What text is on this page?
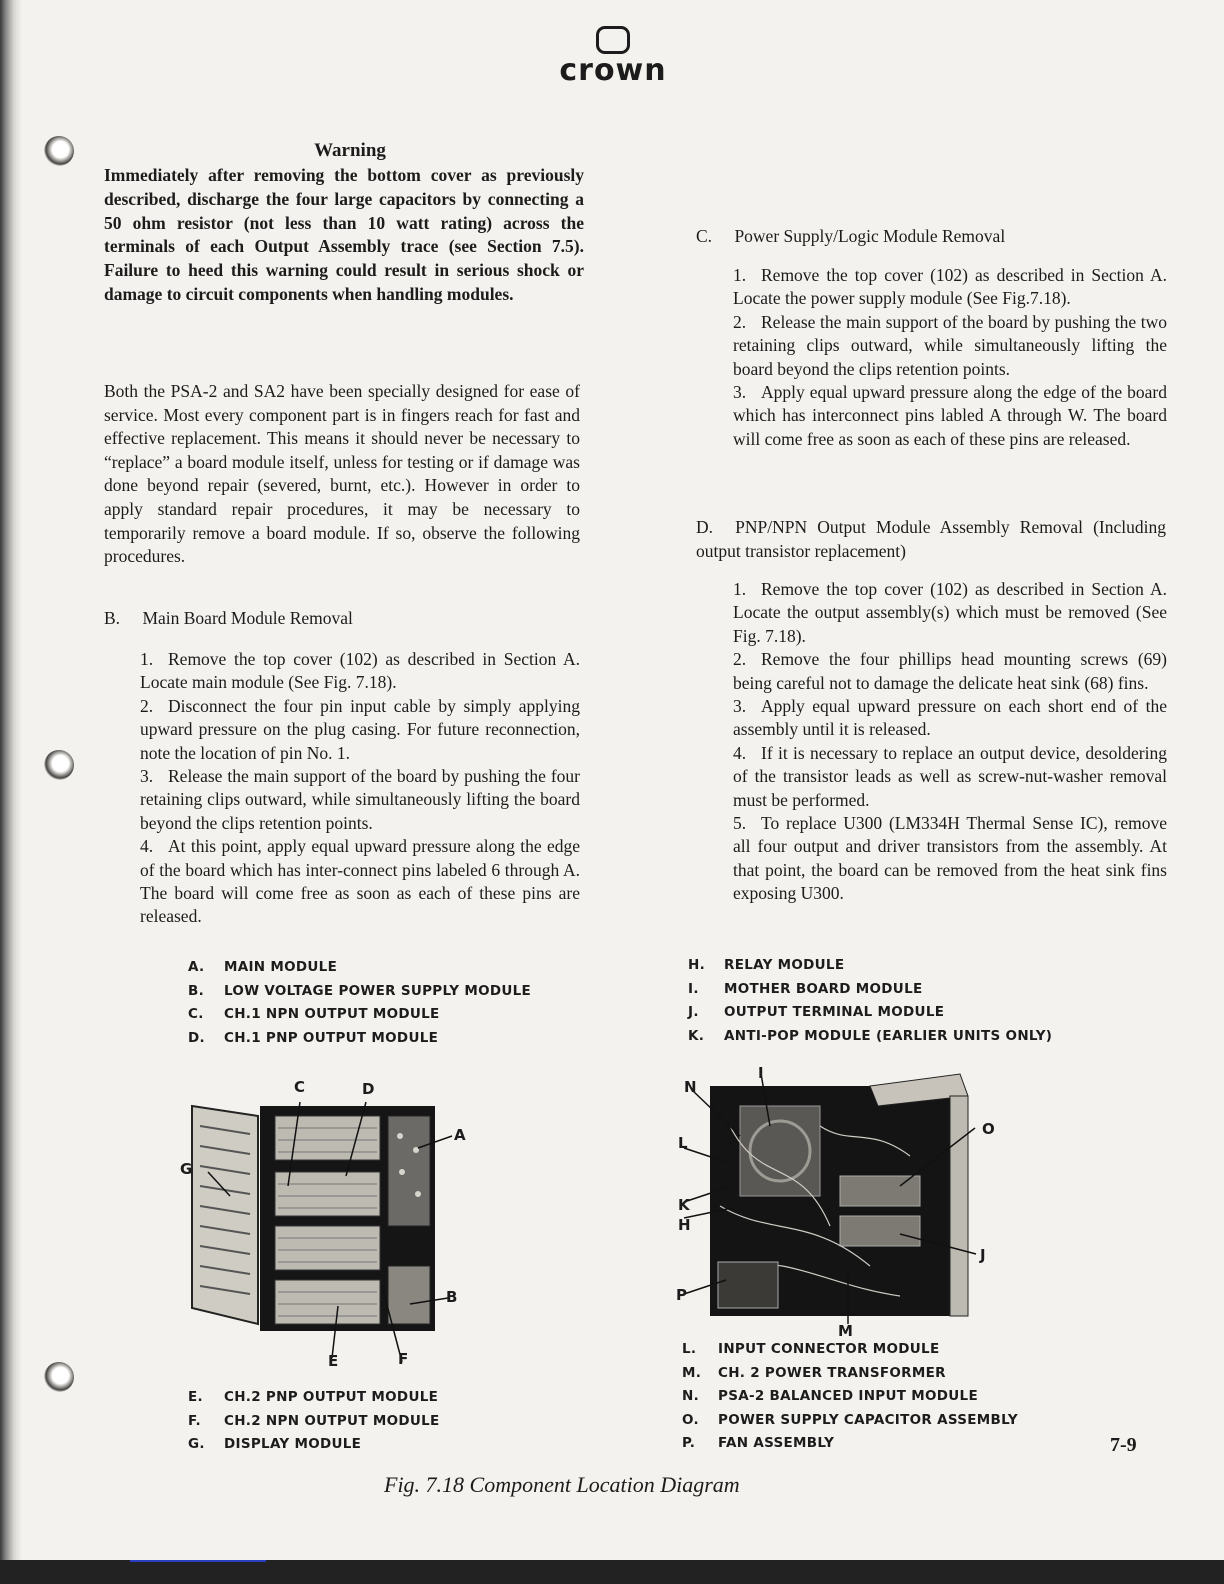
crown
Warning
Immediately after removing the bottom cover as previously described, discharge the four large capacitors by connecting a 50 ohm resistor (not less than 10 watt rating) across the terminals of each Output Assembly trace (see Section 7.5). Failure to heed this warning could result in serious shock or damage to circuit components when handling modules.
Both the PSA-2 and SA2 have been specially designed for ease of service. Most every component part is in fingers reach for fast and effective replacement. This means it should never be necessary to “replace” a board module itself, unless for testing or if damage was done beyond repair (severed, burnt, etc.). However in order to apply standard repair procedures, it may be necessary to temporarily remove a board module. If so, observe the following procedures.
B. Main Board Module Removal

1. Remove the top cover (102) as described in Section A. Locate main module (See Fig. 7.18).

2. Disconnect the four pin input cable by simply applying upward pressure on the plug casing. For future reconnection, note the location of pin No. 1.

3. Release the main support of the board by pushing the four retaining clips outward, while simultaneously lifting the board beyond the clips retention points.

4. At this point, apply equal upward pressure along the edge of the board which has inter-connect pins labeled 6 through A. The board will come free as soon as each of these pins are released.

C. Power Supply/Logic Module Removal

1. Remove the top cover (102) as described in Section A. Locate the power supply module (See Fig.7.18).

2. Release the main support of the board by pushing the two retaining clips outward, while simultaneously lifting the board beyond the clips retention points.

3. Apply equal upward pressure along the edge of the board which has interconnect pins labled A through W. The board will come free as soon as each of these pins are released.

D. PNP/NPN Output Module Assembly Removal (Including output transistor replacement)

1. Remove the top cover (102) as described in Section A. Locate the output assembly(s) which must be removed (See Fig. 7.18).

2. Remove the four phillips head mounting screws (69) being careful not to damage the delicate heat sink (68) fins.

3. Apply equal upward pressure on each short end of the assembly until it is released.

4. If it is necessary to replace an output device, desoldering of the transistor leads as well as screw-nut-washer removal must be performed.

5. To replace U300 (LM334H Thermal Sense IC), remove all four output and driver transistors from the assembly. At that point, the board can be removed from the heat sink fins exposing U300.

A. MAIN MODULE
B. LOW VOLTAGE POWER SUPPLY MODULE
C. CH.1 NPN OUTPUT MODULE
D. CH.1 PNP OUTPUT MODULE
E. CH.2 PNP OUTPUT MODULE
F. CH.2 NPN OUTPUT MODULE
G. DISPLAY MODULE
H. RELAY MODULE
I. MOTHER BOARD MODULE
J. OUTPUT TERMINAL MODULE
K. ANTI-POP MODULE (EARLIER UNITS ONLY)
L. INPUT CONNECTOR MODULE
M. CH. 2 POWER TRANSFORMER
N. PSA-2 BALANCED INPUT MODULE
O. POWER SUPPLY CAPACITOR ASSEMBLY
P. FAN ASSEMBLY
C	D
A
G
B
E	F
N
I
L
O
K
H
J
P
M
Fig. 7.18 Component Location Diagram
7-9
